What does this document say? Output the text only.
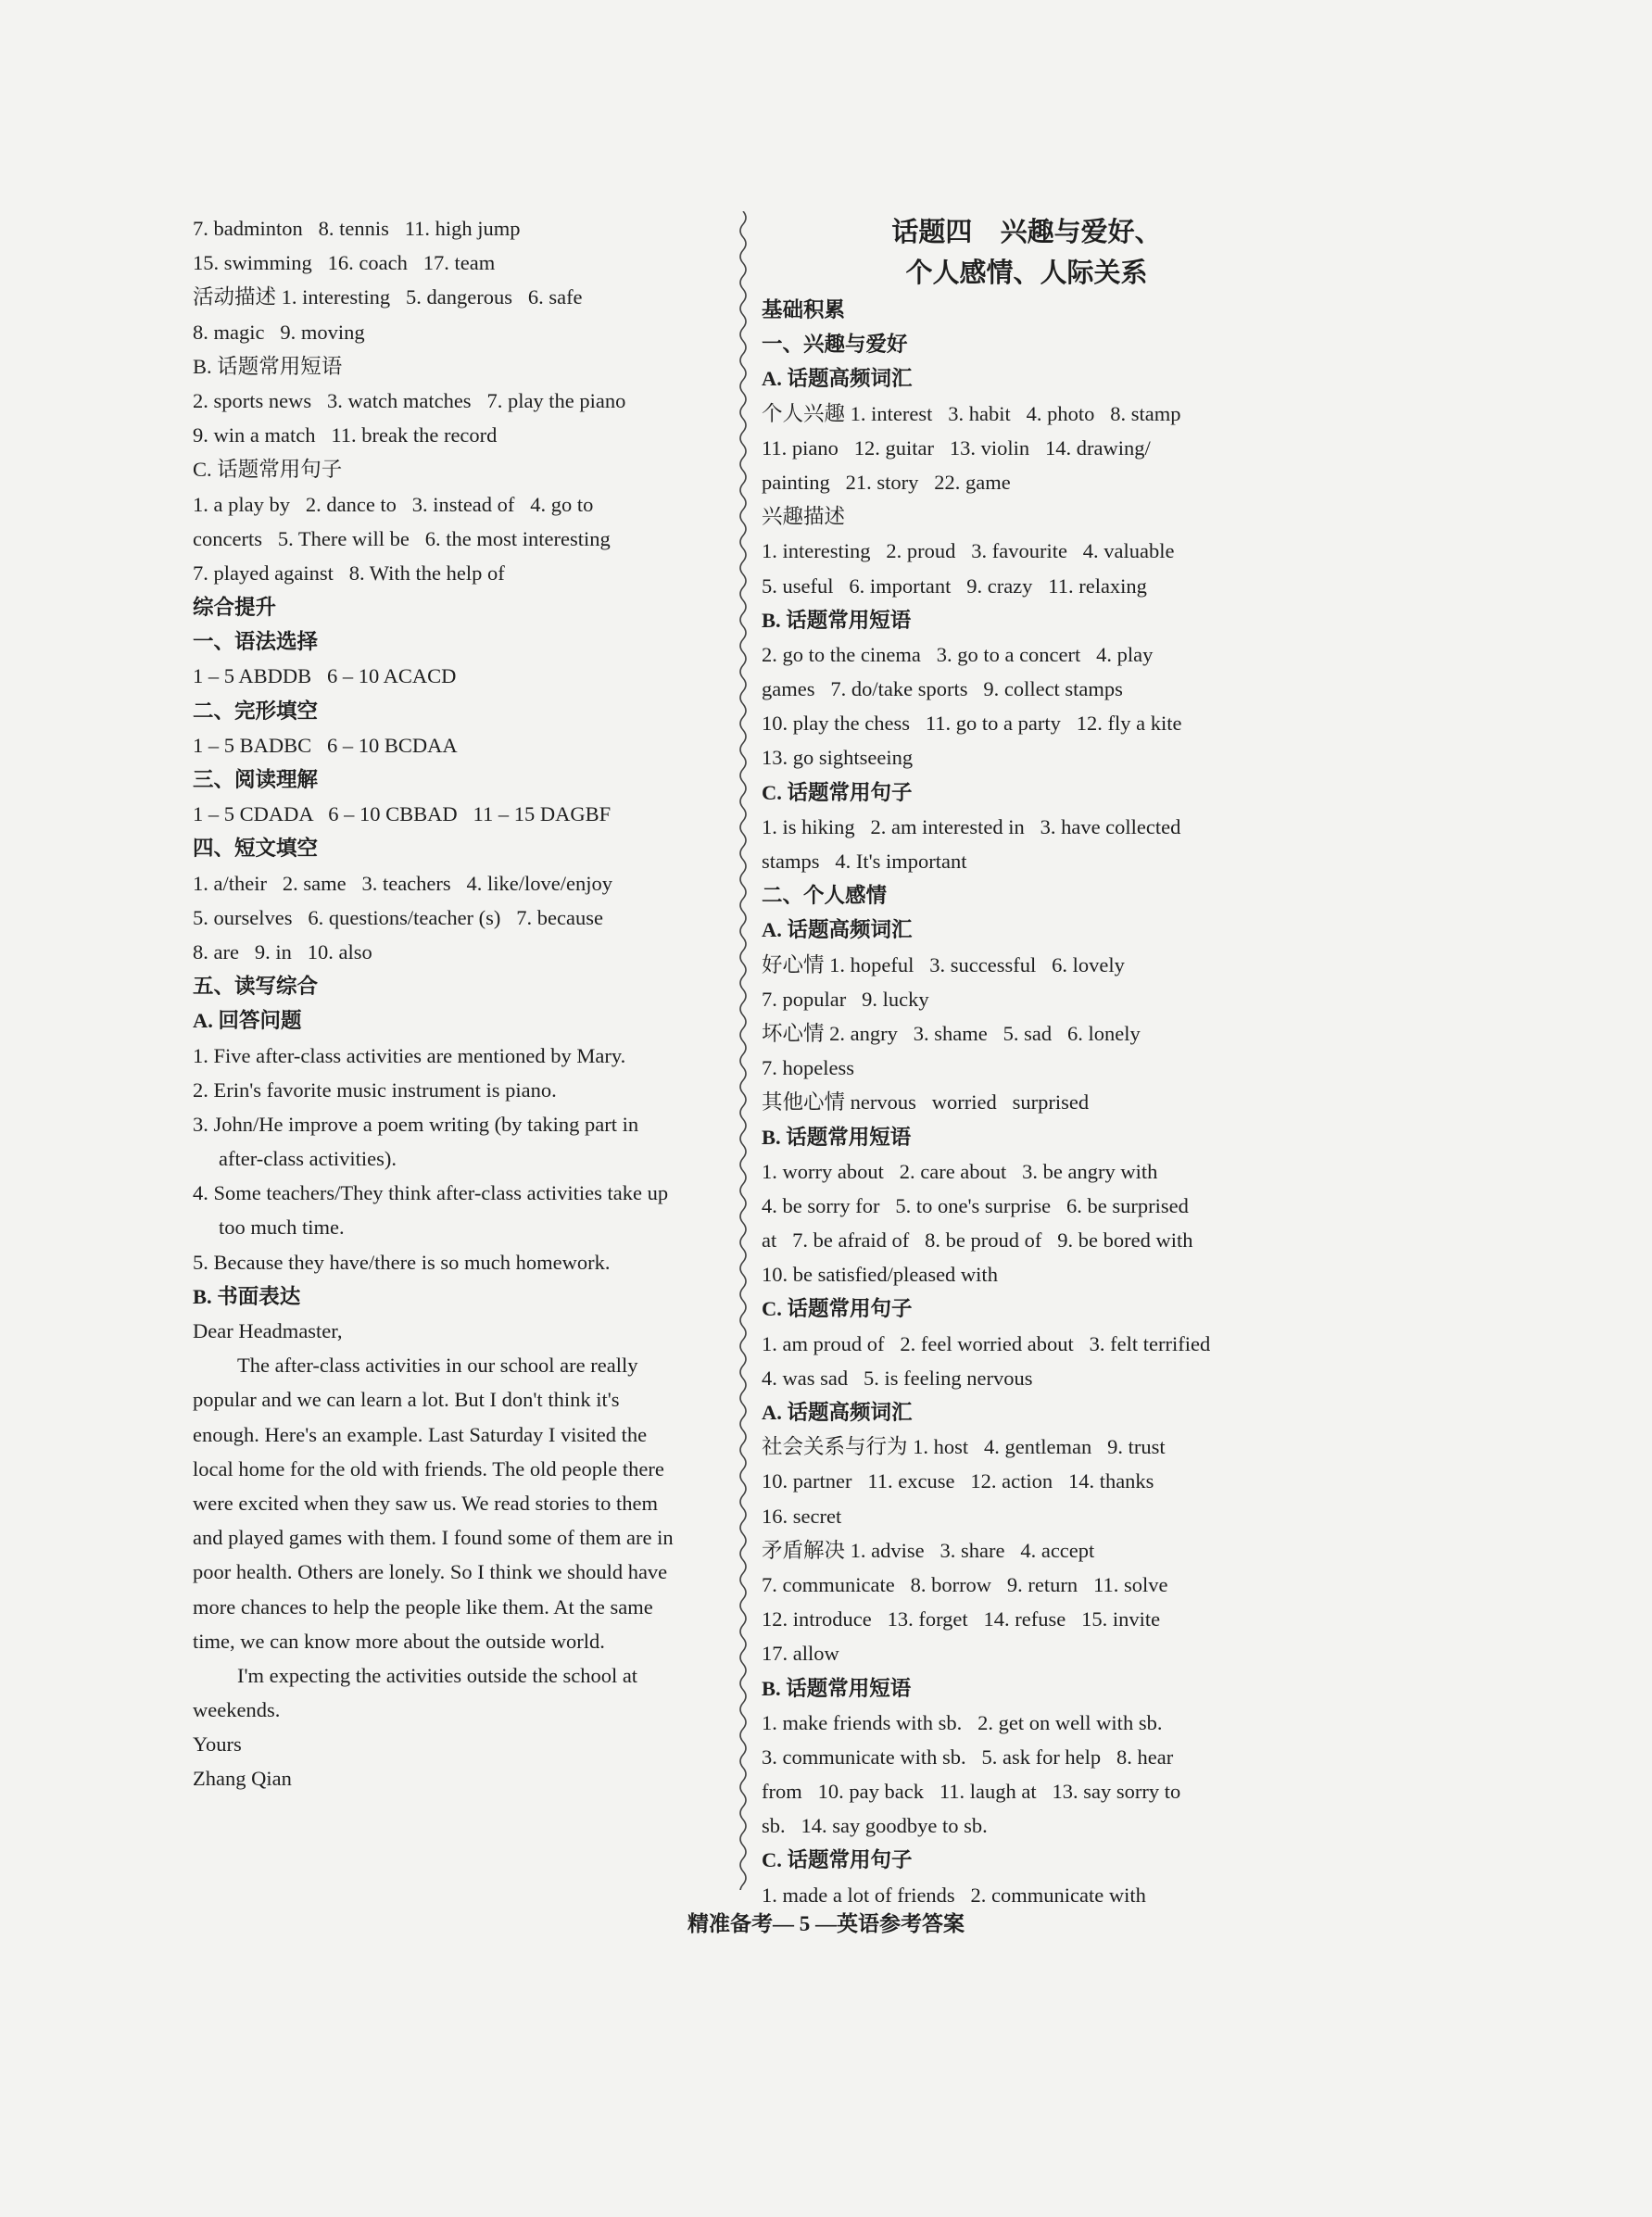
7. badminton   8. tennis   11. high jump
15. swimming   16. coach   17. team
活动描述 1. interesting   5. dangerous   6. safe
8. magic   9. moving
B. 话题常用短语
2. sports news   3. watch matches   7. play the piano
9. win a match   11. break the record
C. 话题常用句子
1. a play by   2. dance to   3. instead of   4. go to
concerts   5. There will be   6. the most interesting
7. played against   8. With the help of
综合提升
一、语法选择
1 – 5 ABDDB   6 – 10 ACACD
二、完形填空
1 – 5 BADBC   6 – 10 BCDAA
三、阅读理解
1 – 5 CDADA   6 – 10 CBBAD   11 – 15 DAGBF
四、短文填空
1. a/their   2. same   3. teachers   4. like/love/enjoy
5. ourselves   6. questions/teacher (s)   7. because
8. are   9. in   10. also
五、读写综合
A. 回答问题
1. Five after-class activities are mentioned by Mary.
2. Erin's favorite music instrument is piano.
3. John/He improve a poem writing (by taking part in
after-class activities).
4. Some teachers/They think after-class activities take up
too much time.
5. Because they have/there is so much homework.
B. 书面表达
Dear Headmaster,
The after-class activities in our school are really
popular and we can learn a lot. But I don't think it's
enough. Here's an example. Last Saturday I visited the
local home for the old with friends. The old people there
were excited when they saw us. We read stories to them
and played games with them. I found some of them are in
poor health. Others are lonely. So I think we should have
more chances to help the people like them. At the same
time, we can know more about the outside world.
I'm expecting the activities outside the school at
weekends.
Yours
Zhang Qian
话题四   兴趣与爱好、
个人感情、人际关系
基础积累
一、兴趣与爱好
A. 话题高频词汇
个人兴趣 1. interest   3. habit   4. photo   8. stamp
11. piano   12. guitar   13. violin   14. drawing/
painting   21. story   22. game
兴趣描述
1. interesting   2. proud   3. favourite   4. valuable
5. useful   6. important   9. crazy   11. relaxing
B. 话题常用短语
2. go to the cinema   3. go to a concert   4. play
games   7. do/take sports   9. collect stamps
10. play the chess   11. go to a party   12. fly a kite
13. go sightseeing
C. 话题常用句子
1. is hiking   2. am interested in   3. have collected
stamps   4. It's important
二、个人感情
A. 话题高频词汇
好心情 1. hopeful   3. successful   6. lovely
7. popular   9. lucky
坏心情 2. angry   3. shame   5. sad   6. lonely
7. hopeless
其他心情 nervous   worried   surprised
B. 话题常用短语
1. worry about   2. care about   3. be angry with
4. be sorry for   5. to one's surprise   6. be surprised
at   7. be afraid of   8. be proud of   9. be bored with
10. be satisfied/pleased with
C. 话题常用句子
1. am proud of   2. feel worried about   3. felt terrified
4. was sad   5. is feeling nervous
A. 话题高频词汇
社会关系与行为 1. host   4. gentleman   9. trust
10. partner   11. excuse   12. action   14. thanks
16. secret
矛盾解决 1. advise   3. share   4. accept
7. communicate   8. borrow   9. return   11. solve
12. introduce   13. forget   14. refuse   15. invite
17. allow
B. 话题常用短语
1. make friends with sb.   2. get on well with sb.
3. communicate with sb.   5. ask for help   8. hear
from   10. pay back   11. laugh at   13. say sorry to
sb.   14. say goodbye to sb.
C. 话题常用句子
1. made a lot of friends   2. communicate with
精准备考— 5 —英语参考答案
